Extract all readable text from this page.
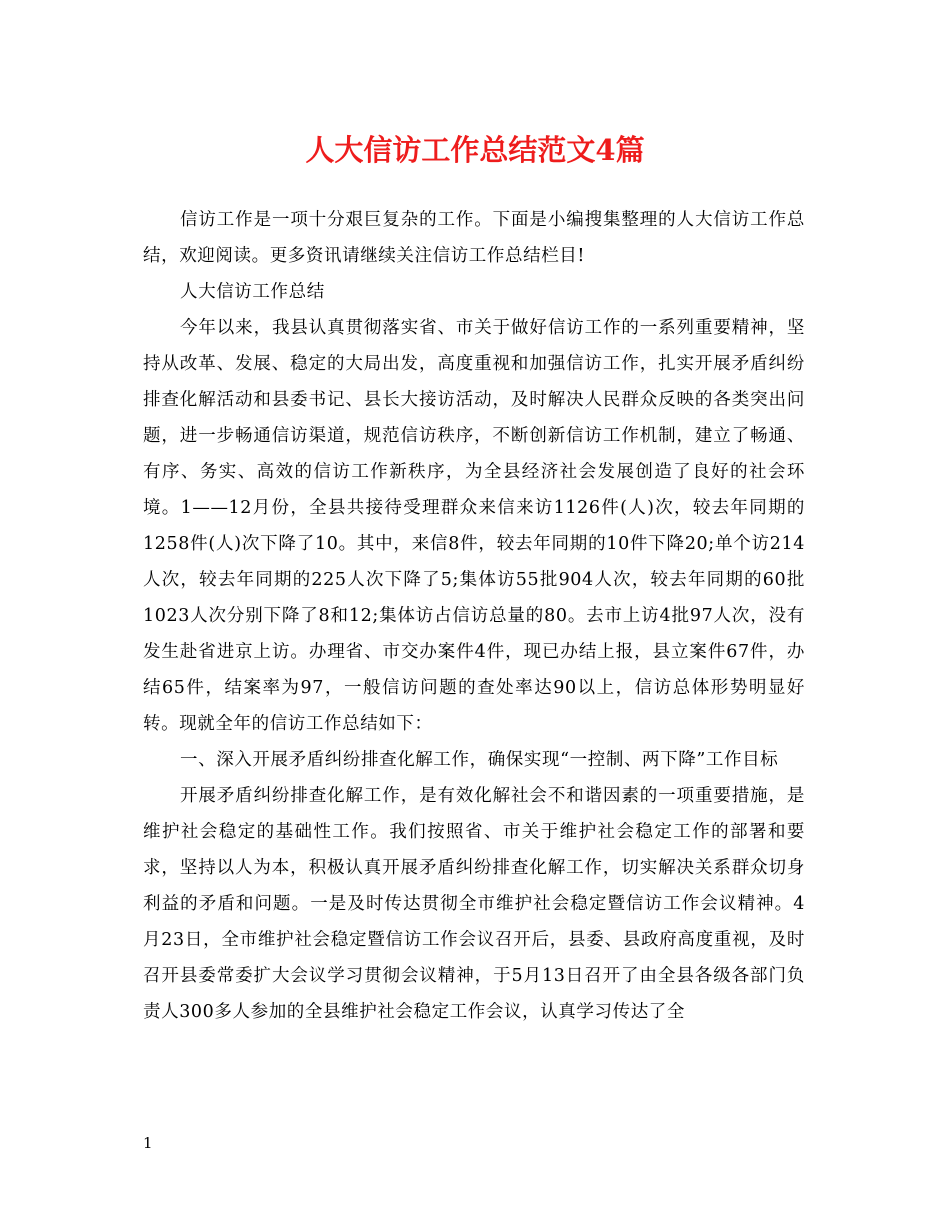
人大信访工作总结范文4篇

信访工作是一项十分艰巨复杂的工作。下面是小编搜集整理的人大信访工作总结，欢迎阅读。更多资讯请继续关注信访工作总结栏目!

人大信访工作总结

今年以来，我县认真贯彻落实省、市关于做好信访工作的一系列重要精神，坚持从改革、发展、稳定的大局出发，高度重视和加强信访工作，扎实开展矛盾纠纷排查化解活动和县委书记、县长大接访活动，及时解决人民群众反映的各类突出问题，进一步畅通信访渠道，规范信访秩序，不断创新信访工作机制，建立了畅通、有序、务实、高效的信访工作新秩序，为全县经济社会发展创造了良好的社会环境。1——12月份，全县共接待受理群众来信来访1126件(人)次，较去年同期的1258件(人)次下降了10。其中，来信8件，较去年同期的10件下降20;单个访214人次，较去年同期的225人次下降了5;集体访55批904人次，较去年同期的60批1023人次分别下降了8和12;集体访占信访总量的80。去市上访4批97人次，没有发生赴省进京上访。办理省、市交办案件4件，现已办结上报，县立案件67件，办结65件，结案率为97，一般信访问题的查处率达90以上，信访总体形势明显好转。现就全年的信访工作总结如下：

一、深入开展矛盾纠纷排查化解工作，确保实现“一控制、两下降”工作目标

开展矛盾纠纷排查化解工作，是有效化解社会不和谐因素的一项重要措施，是维护社会稳定的基础性工作。我们按照省、市关于维护社会稳定工作的部署和要求，坚持以人为本，积极认真开展矛盾纠纷排查化解工作，切实解决关系群众切身利益的矛盾和问题。一是及时传达贯彻全市维护社会稳定暨信访工作会议精神。4月23日，全市维护社会稳定暨信访工作会议召开后，县委、县政府高度重视，及时召开县委常委扩大会议学习贯彻会议精神，于5月13日召开了由全县各级各部门负责人300多人参加的全县维护社会稳定工作会议，认真学习传达了全

1
